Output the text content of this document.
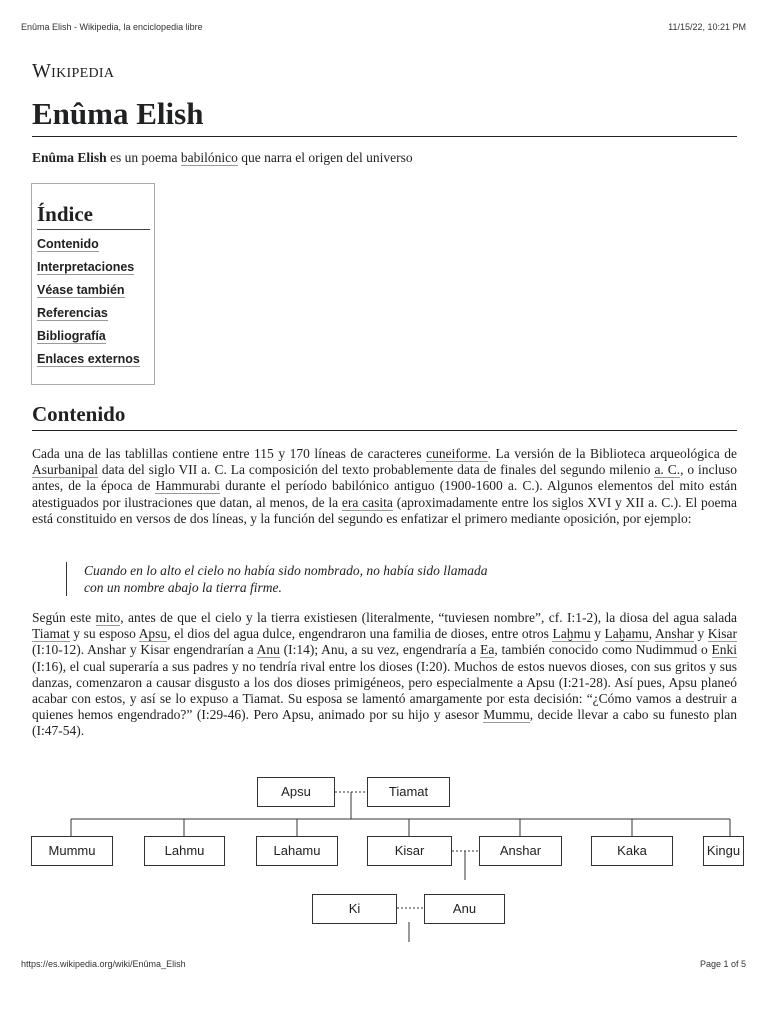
Enûma Elish - Wikipedia, la enciclopedia libre	11/15/22, 10:21 PM
Wikipedia
Enûma Elish
Enûma Elish es un poema babilónico que narra el origen del universo
Índice
Contenido
Interpretaciones
Véase también
Referencias
Bibliografía
Enlaces externos
Contenido
Cada una de las tablillas contiene entre 115 y 170 líneas de caracteres cuneiforme. La versión de la Biblioteca arqueológica de Asurbanipal data del siglo VII a. C. La composición del texto probablemente data de finales del segundo milenio a. C., o incluso antes, de la época de Hammurabi durante el período babilónico antiguo (1900-1600 a. C.). Algunos elementos del mito están atestiguados por ilustraciones que datan, al menos, de la era casita (aproximadamente entre los siglos XVI y XII a. C.). El poema está constituido en versos de dos líneas, y la función del segundo es enfatizar el primero mediante oposición, por ejemplo:
Cuando en lo alto el cielo no había sido nombrado, no había sido llamada
con un nombre abajo la tierra firme.
Según este mito, antes de que el cielo y la tierra existiesen (literalmente, “tuviesen nombre”, cf. I:1-2), la diosa del agua salada Tiamat y su esposo Apsu, el dios del agua dulce, engendraron una familia de dioses, entre otros Laḫmu y Laḫamu, Anshar y Kisar (I:10-12). Anshar y Kisar engendrarían a Anu (I:14); Anu, a su vez, engendraría a Ea, también conocido como Nudimmud o Enki (I:16), el cual superaría a sus padres y no tendría rival entre los dioses (I:20). Muchos de estos nuevos dioses, con sus gritos y sus danzas, comenzaron a causar disgusto a los dos dioses primigéneos, pero especialmente a Apsu (I:21-28). Así pues, Apsu planeó acabar con estos, y así se lo expuso a Tiamat. Su esposa se lamentó amargamente por esta decisión: “¿Cómo vamos a destruir a quienes hemos engendrado?” (I:29-46). Pero Apsu, animado por su hijo y asesor Mummu, decide llevar a cabo su funesto plan (I:47-54).
Apsu	Tiamat
Mummu	Lahmu	Lahamu	Kisar	Anshar	Kaka	Kingu
Ki	Anu
https://es.wikipedia.org/wiki/Enûma_Elish	Page 1 of 5
